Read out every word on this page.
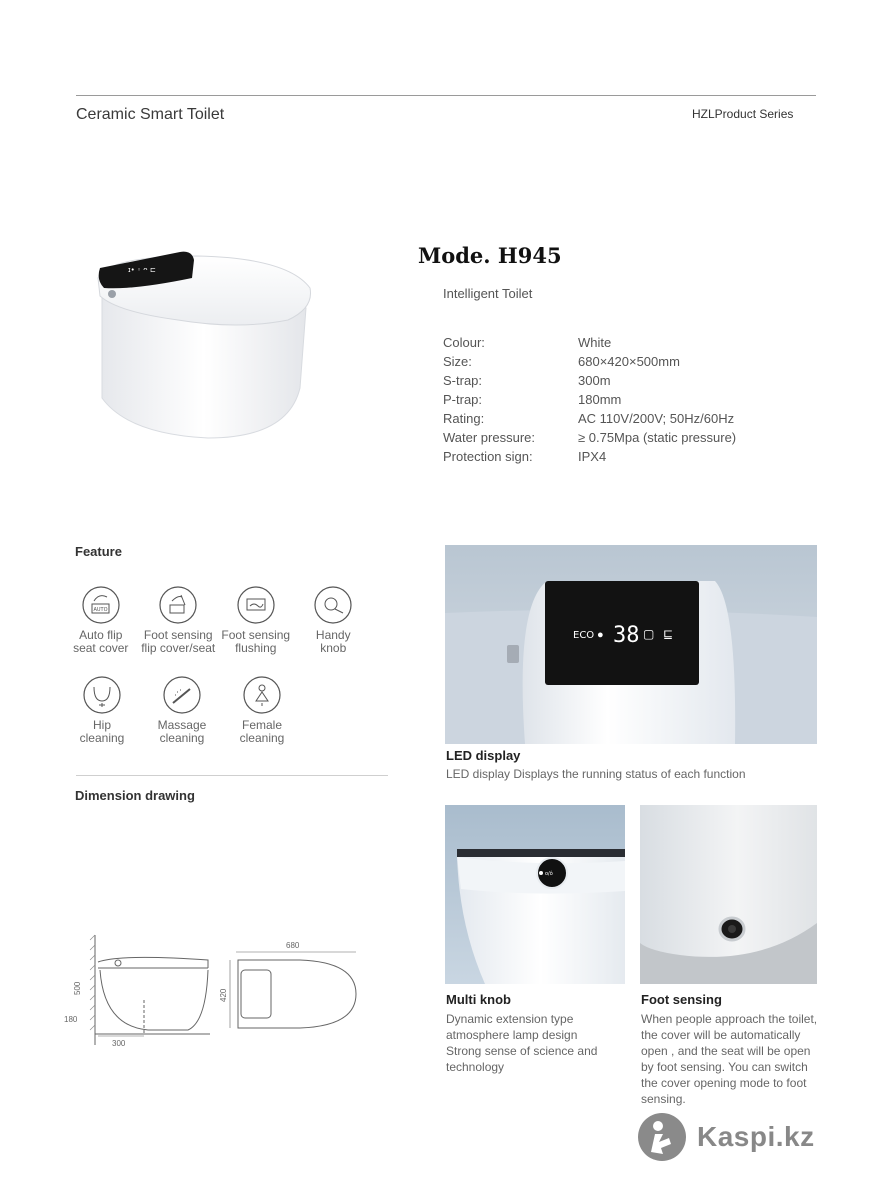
Ceramic Smart Toilet	HZLProduct Series
ɪ• ◦ ᴖ ⊏
Mode. H945
Intelligent Toilet
Colour:	White
Size:	680×420×500mm
S-trap:	300m
P-trap:	180mm
Rating:	AC 110V/200V; 50Hz/60Hz
Water pressure:	≥ 0.75Mpa (static pressure)
Protection sign:	IPX4
Feature
AUTO
Auto flip
seat cover
Foot sensing
flip cover/seat
Foot sensing
flushing
Handy
knob
Hip
cleaning
Massage
cleaning
Female
cleaning
Dimension drawing
500
180
300
680
420
ECO ● 38 ▢ ⊑
LED display
LED display Displays the running status of each function
o/ô
Multi knob
Dynamic extension type
atmosphere lamp design
Strong sense of science and
technology
Foot sensing
When people approach the toilet,
the cover will be automatically
open , and the seat will be open
by foot sensing. You can switch
the cover opening mode to foot
sensing.
Kaspi.kz
